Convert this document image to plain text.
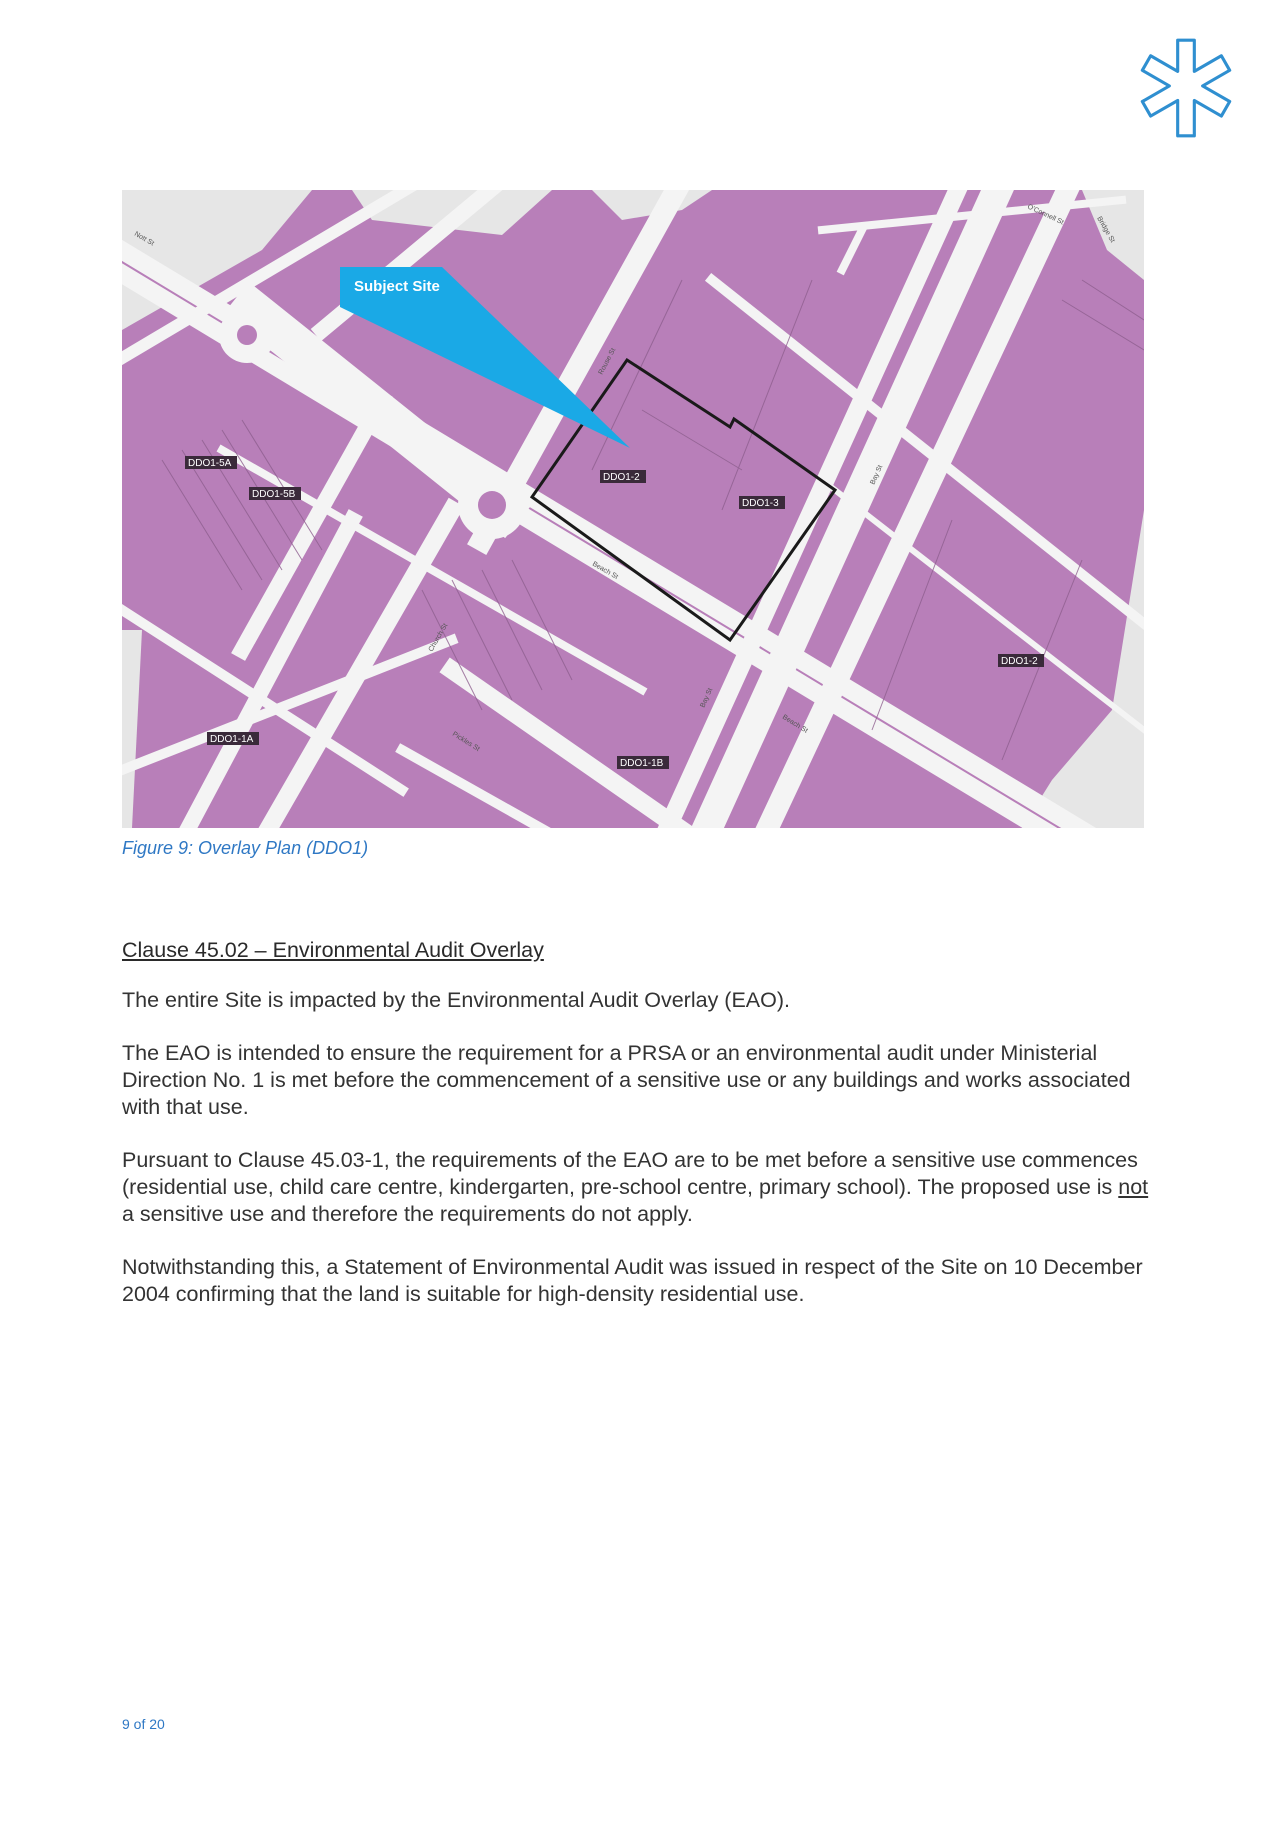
Subject Site
DDO1-5A
DDO1-5B
DDO1-2
DDO1-3
DDO1-2
DDO1-1A
DDO1-1B
Bay St
Bay St
Rouse St
Beach St
Church St
Nott St
Pickles St
Beach St
O'Connell St
Bridge St
Figure 9: Overlay Plan (DDO1)
Clause 45.02 – Environmental Audit Overlay

The entire Site is impacted by the Environmental Audit Overlay (EAO).

The EAO is intended to ensure the requirement for a PRSA or an environmental audit under Ministerial Direction No. 1 is met before the commencement of a sensitive use or any buildings and works associated with that use.

Pursuant to Clause 45.03-1, the requirements of the EAO are to be met before a sensitive use commences (residential use, child care centre, kindergarten, pre-school centre, primary school). The proposed use is not a sensitive use and therefore the requirements do not apply.

Notwithstanding this, a Statement of Environmental Audit was issued in respect of the Site on 10 December 2004 confirming that the land is suitable for high-density residential use.

9 of 20
